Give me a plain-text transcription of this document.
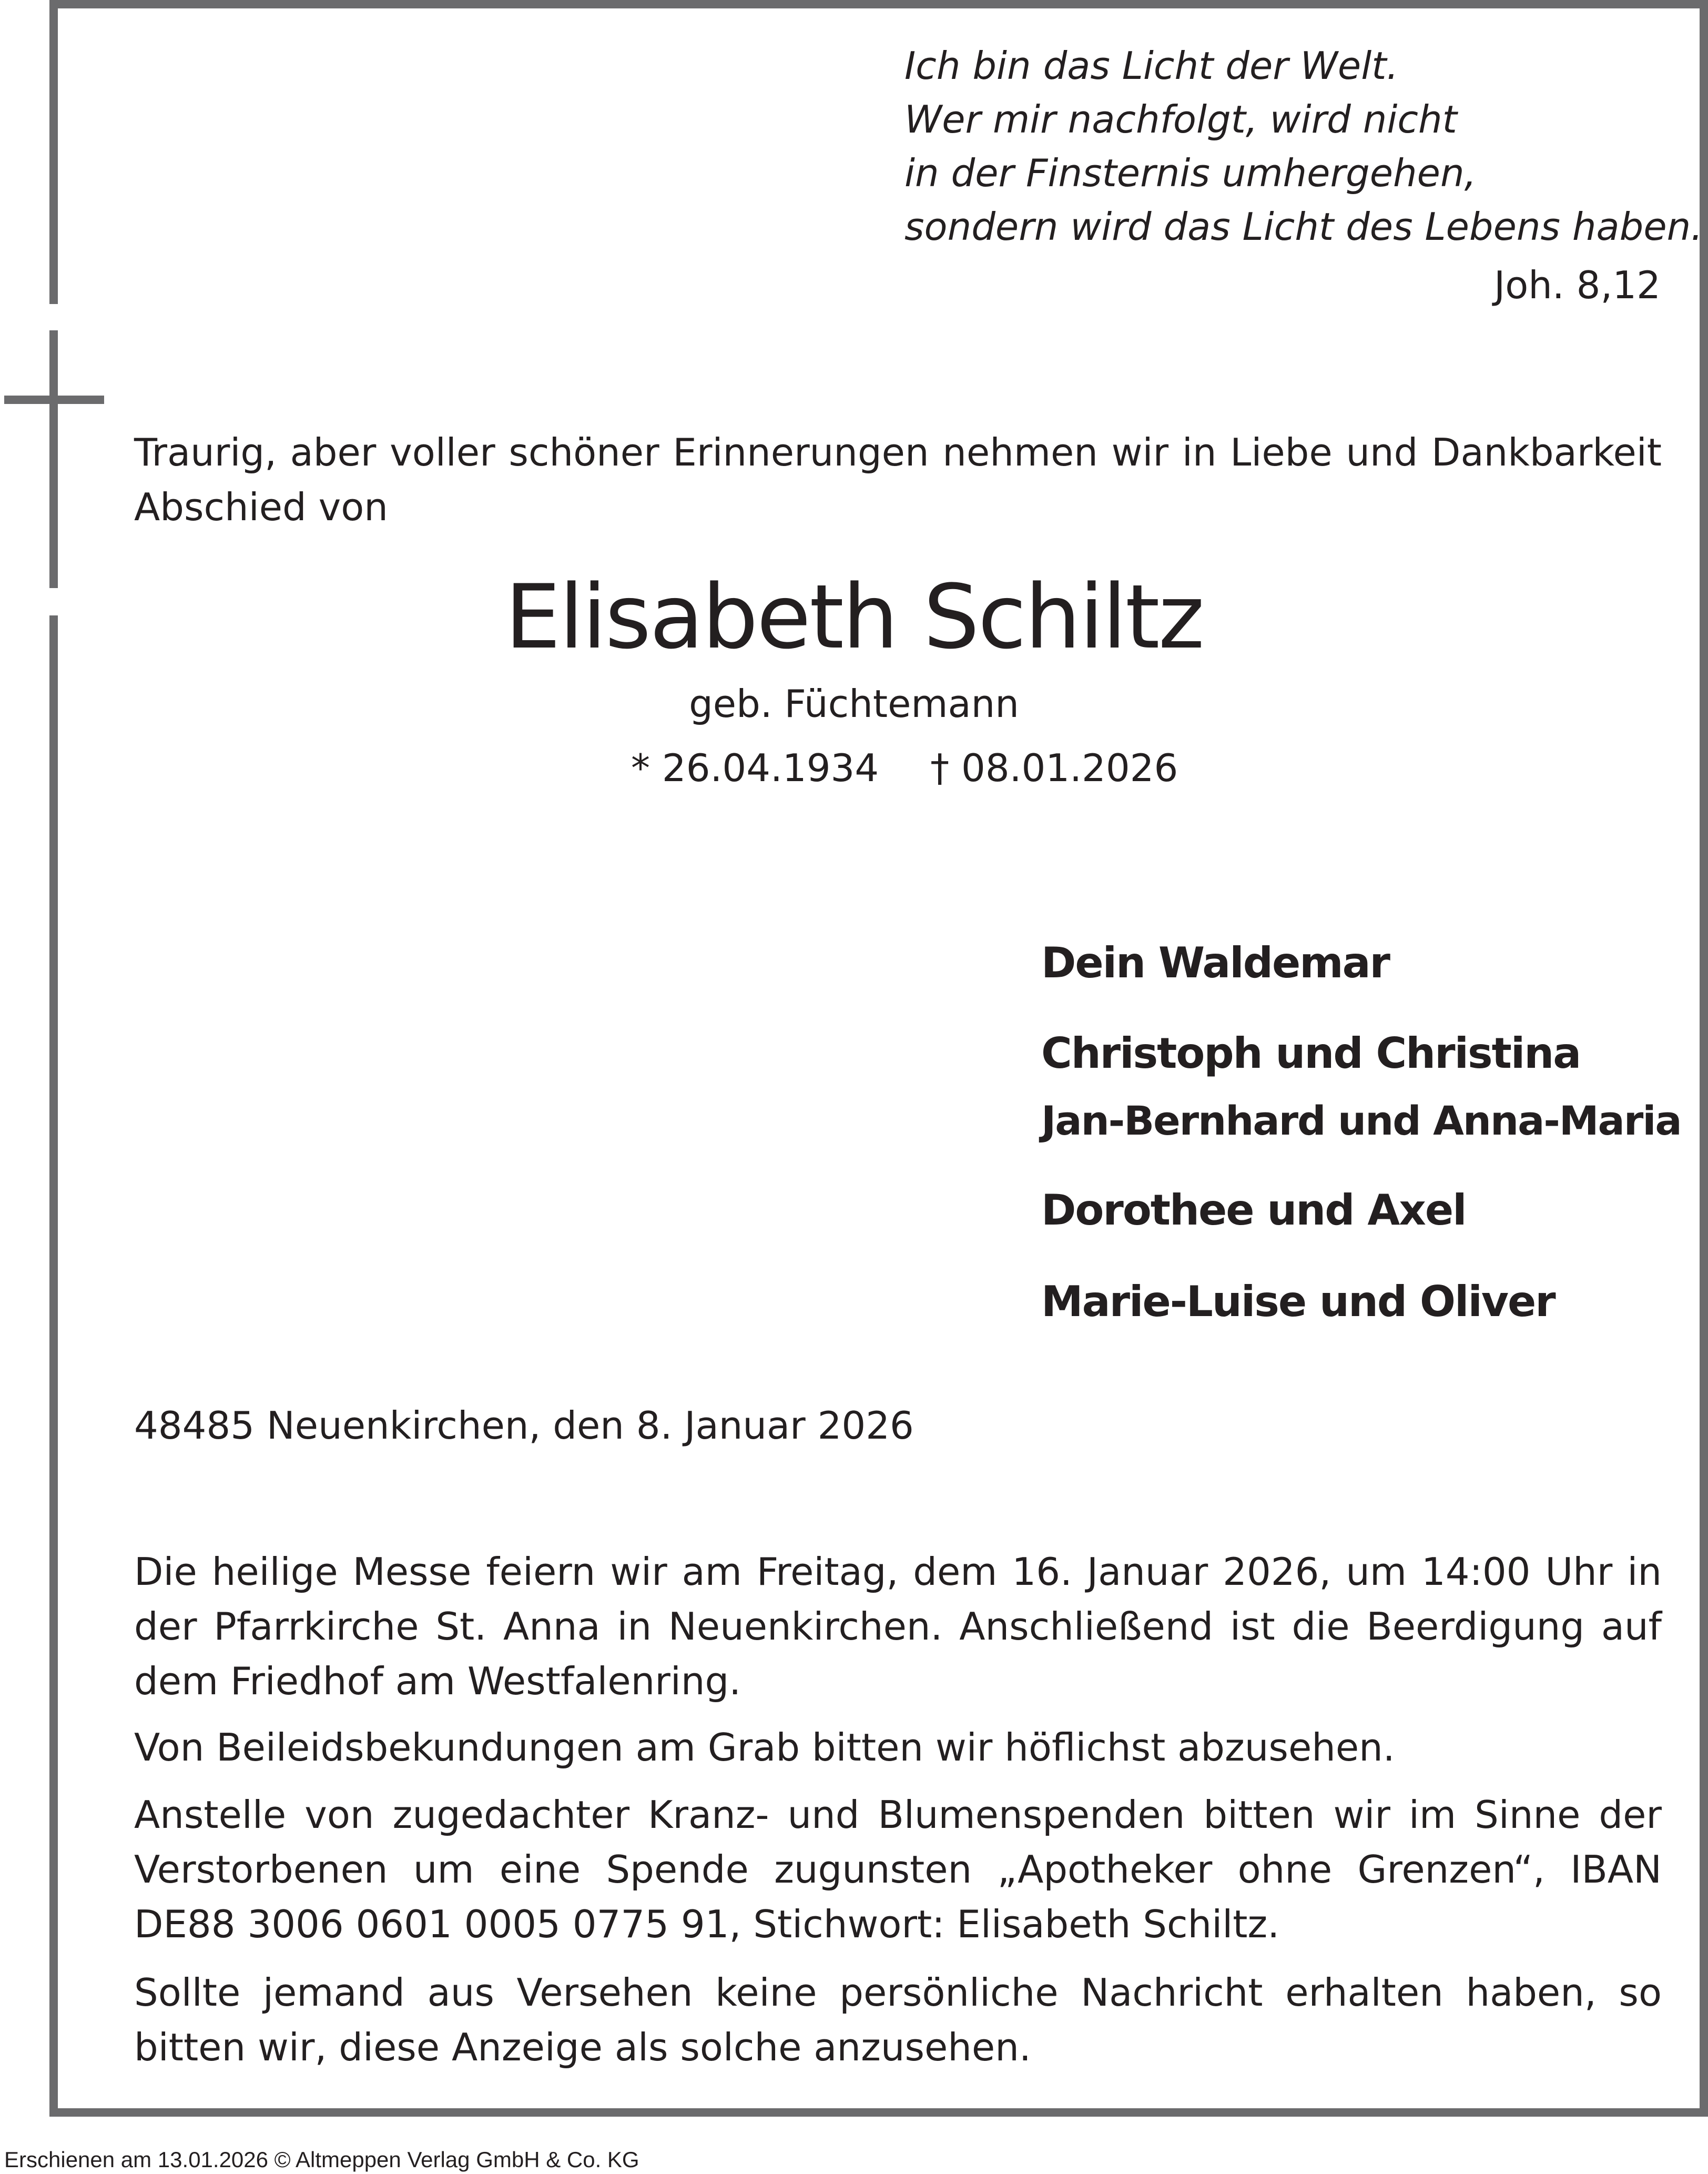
Ich bin das Licht der Welt.
Wer mir nachfolgt, wird nicht
in der Finsternis umhergehen,
sondern wird das Licht des Lebens haben.

Joh. 8,12

Traurig, aber voller schöner Erinnerungen nehmen wir in Liebe und Dankbarkeit Abschied von

Elisabeth Schiltz

geb. Füchtemann

* 26.04.1934 † 08.01.2026

Dein Waldemar

Christoph und Christina

Jan-Bernhard und Anna-Maria

Dorothee und Axel

Marie-Luise und Oliver

48485 Neuenkirchen, den 8. Januar 2026

Die heilige Messe feiern wir am Freitag, dem 16. Januar 2026, um 14:00 Uhr in der Pfarrkirche St. Anna in Neuenkirchen. Anschließend ist die Beerdigung auf dem Friedhof am Westfalenring.

Von Beileidsbekundungen am Grab bitten wir höflichst abzusehen.

Anstelle von zugedachter Kranz- und Blumenspenden bitten wir im Sinne der Verstorbenen um eine Spende zugunsten „Apotheker ohne Grenzen“, IBAN DE88 3006 0601 0005 0775 91, Stichwort: Elisabeth Schiltz.

Sollte jemand aus Versehen keine persönliche Nachricht erhalten haben, so bitten wir, diese Anzeige als solche anzusehen.

Erschienen am 13.01.2026 © Altmeppen Verlag GmbH & Co. KG
